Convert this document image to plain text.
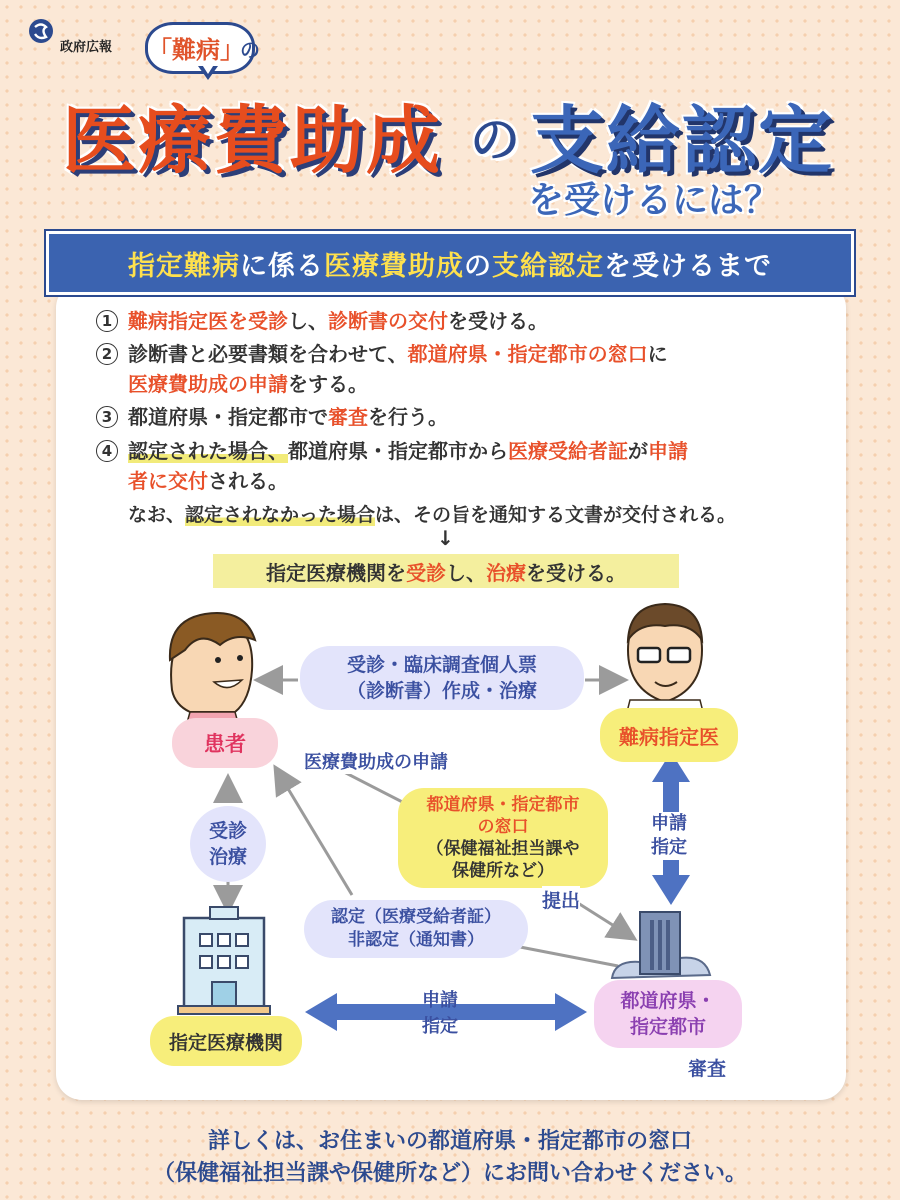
政府広報 「難病」
の
医療費助成 の 支給認定
を受けるには？
指定難病 に係る 医療費助成 の 支給認定 を受けるまで
1 難病指定医を受診し、診断書の交付を受ける。
2 診断書と必要書類を合わせて、都道府県・指定都市の窓口に
医療費助成の申請をする。
3 都道府県・指定都市で審査を行う。
4 認定された場合、都道府県・指定都市から医療受給者証が申請
者に交付される。
なお、認定されなかった場合は、その旨を通知する文書が交付される。
↓
指定医療機関を 受診 し、 治療 を受ける。
受診・臨床調査個人票
（診断書）作成・治療
患者	難病指定医
医療費助成の申請
都道府県・指定都市
の窓口
（保健福祉担当課や
保健所など）
提出
受診
治療
申請
指定
認定（医療受給者証）
非認定（通知書）
指定医療機関
申請
指定
都道府県・
指定都市
審査
詳しくは、お住まいの都道府県・指定都市の窓口
（保健福祉担当課や保健所など）にお問い合わせください。
